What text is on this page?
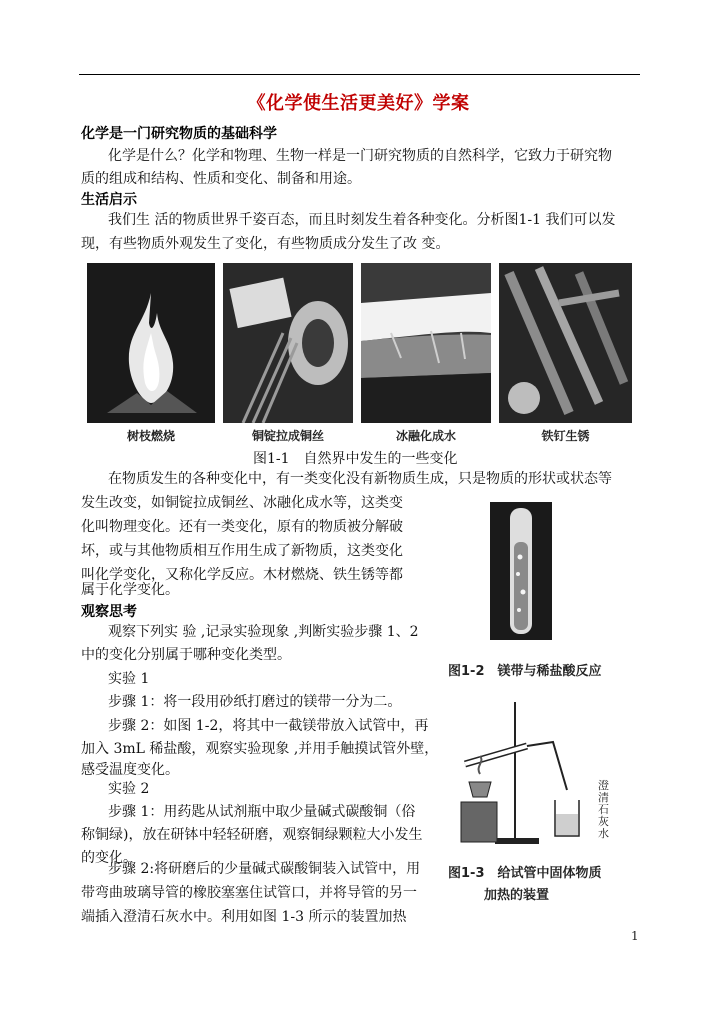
《化学使生活更美好》学案
化学是一门研究物质的基础科学
化学是什么？化学和物理、生物一样是一门研究物质的自然科学，它致力于研究物
质的组成和结构、性质和变化、制备和用途。
生活启示
我们生 活的物质世界千姿百态，而且时刻发生着各种变化。分析图1-1 我们可以发
现，有些物质外观发生了变化，有些物质成分发生了改 变。
树枝燃烧	铜锭拉成铜丝	冰融化成水	铁钉生锈
图1-1　自然界中发生的一些变化
在物质发生的各种变化中，有一类变化没有新物质生成，只是物质的形状或状态等
发生改变，如铜锭拉成铜丝、冰融化成水等，这类变
化叫物理变化。还有一类变化，原有的物质被分解破
坏，或与其他物质相互作用生成了新物质，这类变化
叫化学变化，又称化学反应。木材燃烧、铁生锈等都
属于化学变化。
观察思考
观察下列实 验 ,记录实验现象 ,判断实验步骤 1、2
中的变化分别属于哪种变化类型。
实验 1
步骤 1：将一段用砂纸打磨过的镁带一分为二。
步骤 2：如图 1-2，将其中一截镁带放入试管中，再
加入 3mL 稀盐酸，观察实验现象 ,并用手触摸试管外壁，
感受温度变化。
实验 2
步骤 1：用药匙从试剂瓶中取少量碱式碳酸铜（俗
称铜绿)，放在研钵中轻轻研磨，观察铜绿颗粒大小发生
的变化。
步骤 2:将研磨后的少量碱式碳酸铜装入试管中，用
带弯曲玻璃导管的橡胶塞塞住试管口，并将导管的另一
端插入澄清石灰水中。利用如图 1-3 所示的装置加热
图1-2　镁带与稀盐酸反应
澄清石灰水
图1-3　给试管中固体物质
加热的装置
1
